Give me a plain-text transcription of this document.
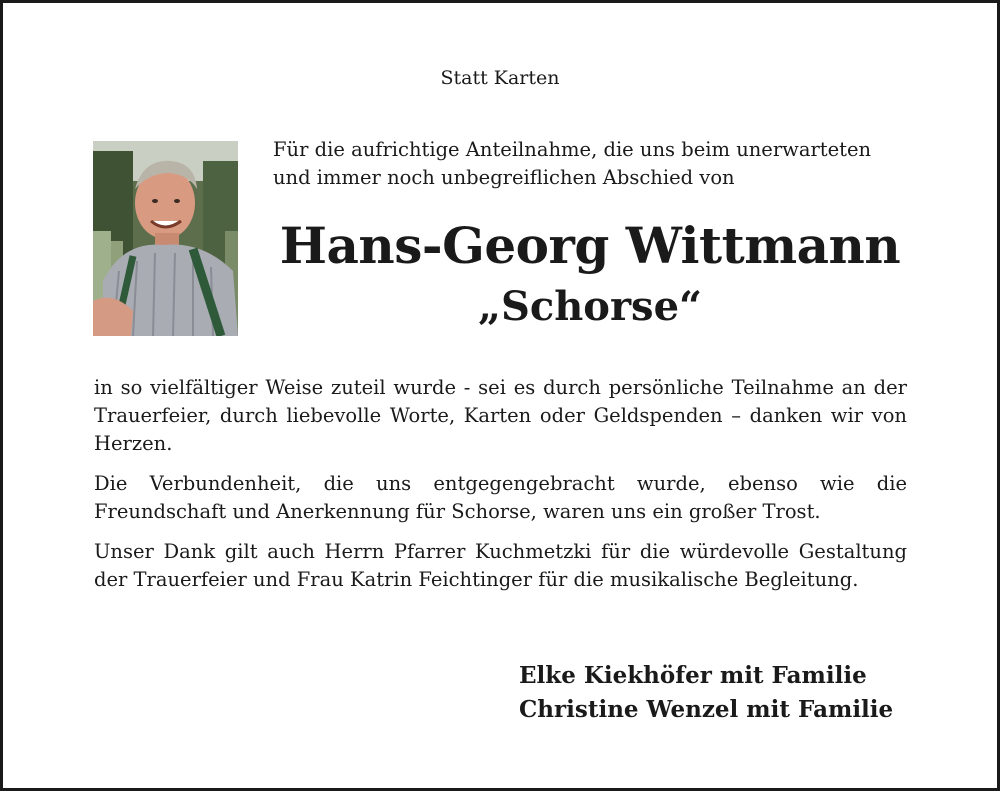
Statt Karten

Für die aufrichtige Anteilnahme, die uns beim unerwarteten

und immer noch unbegreiflichen Abschied von

Hans-Georg Wittmann
„Schorse“

in so vielfältiger Weise zuteil wurde - sei es durch persönliche Teilnahme an der Trauerfeier, durch liebevolle Worte, Karten oder Geldspenden – danken wir von Herzen.

Die Verbundenheit, die uns entgegengebracht wurde, ebenso wie die Freundschaft und Anerkennung für Schorse, waren uns ein großer Trost.

Unser Dank gilt auch Herrn Pfarrer Kuchmetzki für die würdevolle Gestaltung der Trauerfeier und Frau Katrin Feichtinger für die musikalische Begleitung.

Elke Kiekhöfer mit Familie
Christine Wenzel mit Familie
